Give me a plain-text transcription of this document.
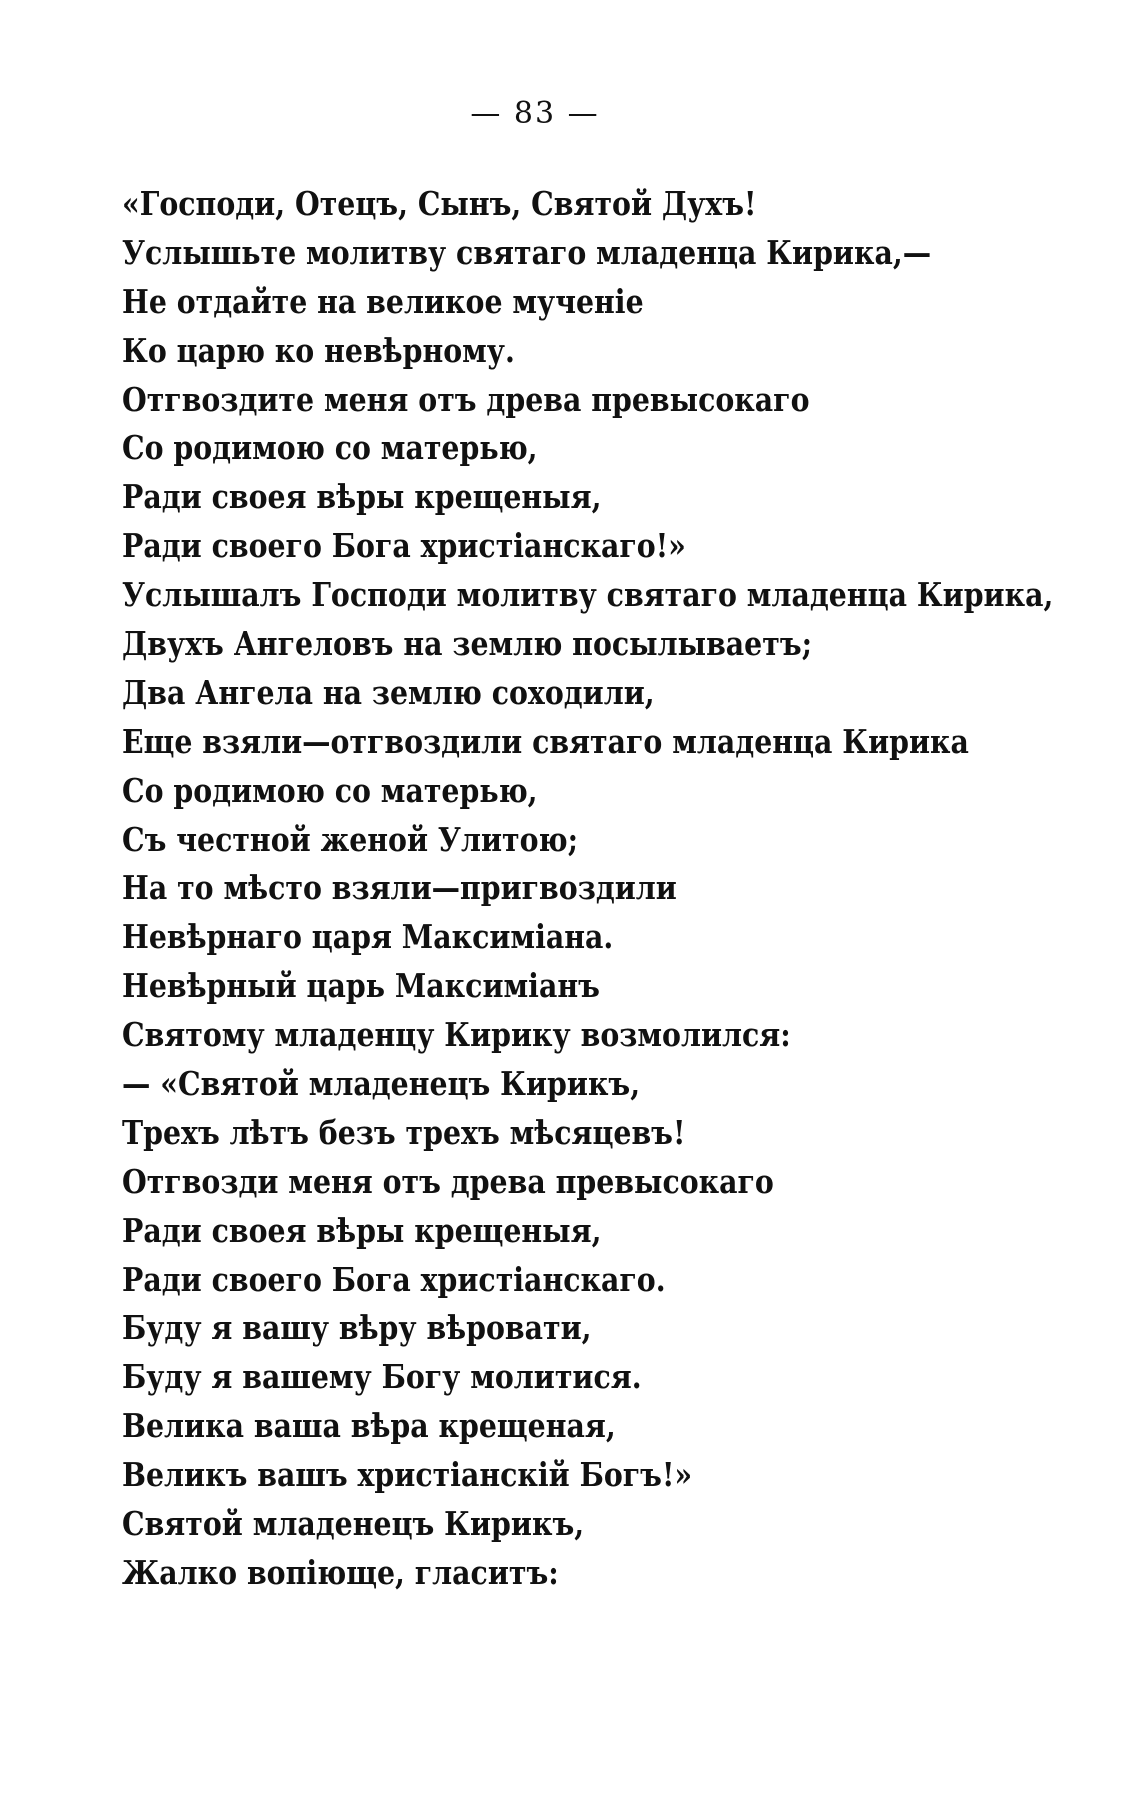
— 83 —
«Господи, Отецъ, Сынъ, Святой Духъ!
Услышьте молитву святаго младенца Кирика,—
Не отдайте на великое мученіе
Ко царю ко невѣрному.
Отгвоздите меня отъ древа превысокаго
Со родимою со матерью,
Ради своея вѣры крещеныя,
Ради своего Бога христіанскаго!»
Услышалъ Господи молитву святаго младенца Кирика,
Двухъ Ангеловъ на землю посылываетъ;
Два Ангела на землю соходили,
Еще взяли—отгвоздили святаго младенца Кирика
Со родимою со матерью,
Съ честной женой Улитою;
На то мѣсто взяли—пригвоздили
Невѣрнаго царя Максиміана.
Невѣрный царь Максиміанъ
Святому младенцу Кирику возмолился:
— «Святой младенецъ Кирикъ,
Трехъ лѣтъ безъ трехъ мѣсяцевъ!
Отгвозди меня отъ древа превысокаго
Ради своея вѣры крещеныя,
Ради своего Бога христіанскаго.
Буду я вашу вѣру вѣровати,
Буду я вашему Богу молитися.
Велика ваша вѣра крещеная,
Великъ вашъ христіанскій Богъ!»
Святой младенецъ Кирикъ,
Жалко вопіюще, гласитъ:
